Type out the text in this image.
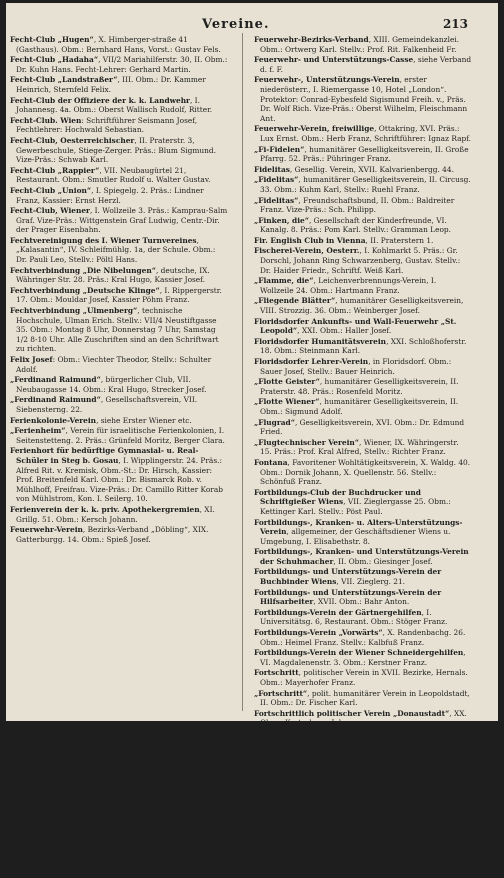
Vereine.	213
Fecht-Club „Hugen“, X. Himberger-straße 41 (Gasthaus). Obm.: Bernhard Hans, Vorst.: Gustav Fels.
Fecht-Club „Hadaha“, VII/2 Mariahilferstr. 30, II. Obm.: Dr. Kuhn Hans. Fecht-Lehrer: Gerhard Martin.
Fecht-Club „Landstraßer“, III. Obm.: Dr. Kammer Heinrich, Sternfeld Felix.
Fecht-Club der Offiziere der k. k. Landwehr, I. Johannesg. 4a. Obm.: Oberst Wallisch Rudolf, Ritter.
Fecht-Club. Wien: Schriftführer Seismann Josef, Fechtlehrer: Hochwald Sebastian.
Fecht-Club, Oesterreichischer, II. Praterstr. 3, Gewerbeschule, Stiege-Zerger. Präs.: Blum Sigmund. Vize-Präs.: Schwab Karl.
Fecht-Club „Rappier“, VII. Neubaugürtel 21, Restaurant. Obm.: Smutler Rudolf u. Walter Gustav.
Fecht-Club „Union“, I. Spiegelg. 2. Präs.: Lindner Franz, Kassier: Ernst Herzl.
Fecht-Club, Wiener, I. Wollzeile 3. Präs.: Kamprau-Salm Graf. Vize-Präs.: Wittgenstein Graf Ludwig, Centr.-Dir. der Prager Eisenbahn.
Fechtvereinigung des I. Wiener Turnvereines, „Kalasantin“, IV. Schleifmühlg. 1a, der Schule. Obm.: Dr. Pauli Leo, Stellv.: Pöltl Hans.
Fechtverbindung „Die Nibelungen“, deutsche, IX. Währinger Str. 28. Präs.: Kral Hugo, Kassier Josef.
Fechtverbindung „Deutsche Klinge“, I. Rippergerstr. 17. Obm.: Mouldar Josef, Kassier Pöhm Franz.
Fechtverbindung „Ulmenberg“, technische Hochschule, Ulman Erich. Stellv.: VII/4 Neustiftgasse 35. Obm.: Montag 8 Uhr, Donnerstag 7 Uhr, Samstag 1/2 8-10 Uhr. Alle Zuschriften sind an den Schriftwart zu richten.
Felix Josef: Obm.: Viechter Theodor, Stellv.: Schulter Adolf.
„Ferdinand Raimund“, bürgerlicher Club, VII. Neubaugasse 14. Obm.: Kral Hugo, Strecker Josef.
„Ferdinand Raimund“, Gesellschaftsverein, VII. Siebensterng. 22.
Ferienkolonie-Verein, siehe Erster Wiener etc.
„Ferienheim“, Verein für israelitische Ferienkolonien, I. Seitenstetteng. 2. Präs.: Grünfeld Moritz, Berger Clara.
Ferienhort für bedürftige Gymnasial- u. Real-Schüler in Steg b. Gosau, I. Wipplingerstr. 24. Präs.: Alfred Rit. v. Kremisk, Obm.-St.: Dr. Hirsch, Kassier: Prof. Breitenfeld Karl. Obm.: Dr. Bismarck Rob. v. Mühlhoff, Freifrau. Vize-Präs.: Dr. Camillo Ritter Korab von Mühlstrom, Kon. I. Seilerg. 10.
Ferienverein der k. k. priv. Apothekergremien, XI. Grillg. 51. Obm.: Kersch Johann.
Feuerwehr-Verein, Bezirks-Verband „Döbling“, XIX. Gatterburgg. 14. Obm.: Spieß Josef.
Feuerwehr-Bezirks-Verband, XIII. Gemeindekanzlei. Obm.: Ortwerg Karl. Stellv.: Prof. Rit. Falkenheid Fr.
Feuerwehr- und Unterstützungs-Casse, siehe Verband d. f. F.
Feuerwehr-, Unterstützungs-Verein, erster niederösterr., I. Riemergasse 10, Hotel „London“. Protektor: Conrad-Eybesfeld Sigismund Freih. v., Präs. Dr. Wolf Rich. Vize-Präs.: Oberst Wilhelm, Fleischmann Ant.
Feuerwehr-Verein, freiwillige, Ottakring, XVI. Präs.: Lux Ernst. Obm.: Herb Franz, Schriftführer: Ignaz Rapf.
„Fi-Fidelen“, humanitärer Geselligkeitsverein, II. Große Pfarrg. 52. Präs.: Pühringer Franz.
Fidelitas, Gesellig. Verein, XVII. Kalvarienbergg. 44.
„Fidelitas“, humanitärer Geselligkeitsverein, II. Circusg. 33. Obm.: Kuhm Karl, Stellv.: Ruehl Franz.
„Fidelitas“, Freundschaftsbund, II. Obm.: Baldreiter Franz. Vize-Präs.: Sch. Philipp.
„Finken, die“, Gesellschaft der Kinderfreunde, VI. Kanalg. 8. Präs.: Pom Karl. Stellv.: Gramman Leop.
Fir. English Club in Vienna, II. Praterstern 1.
Fischerei-Verein, Oesterr., I. Kohlmarkt 5. Präs.: Gr. Dorschl, Johann Ring Schwarzenberg, Gustav. Stellv.: Dr. Haider Friedr., Schriftf. Weiß Karl.
„Flamme, die“, Leichenverbrennungs-Verein, I. Wollzeile 24. Obm.: Hartmann Franz.
„Fliegende Blätter“, humanitärer Geselligkeitsverein, VIII. Strozzig. 36. Obm.: Weinberger Josef.
Floridsdorfer Ankunfts- und Wall-Feuerwehr „St. Leopold“, XXI. Obm.: Haller Josef.
Floridsdorfer Humanitätsverein, XXI. Schloßhoferstr. 18. Obm.: Steinmann Karl.
Floridsdorfer Lehrer-Verein, in Floridsdorf. Obm.: Sauer Josef, Stellv.: Bauer Heinrich.
„Flotte Geister“, humanitärer Geselligkeitsverein, II. Praterstr. 48. Präs.: Rosenfeld Moritz.
„Flotte Wiener“, humanitärer Geselligkeitsverein, II. Obm.: Sigmund Adolf.
„Flugrad“, Geselligkeitsverein, XVI. Obm.: Dr. Edmund Fried.
„Flugtechnischer Verein“, Wiener, IX. Währingerstr. 15. Präs.: Prof. Kral Alfred, Stellv.: Richter Franz.
Fontana, Favoritener Wohltätigkeitsverein, X. Waldg. 40. Obm.: Dornik Johann, X. Quellenstr. 56. Stellv.: Schönfuß Franz.
Fortbildungs-Club der Buchdrucker und Schriftgießer Wiens, VII. Zieglergasse 25. Obm.: Kettinger Karl. Stellv.: Pöst Paul.
Fortbildungs-, Kranken- u. Alters-Unterstützungs-Verein, allgemeiner, der Geschäftsdiener Wiens u. Umgebung, I. Elisabethstr. 8.
Fortbildungs-, Kranken- und Unterstützungs-Verein der Schuhmacher, II. Obm.: Giesinger Josef.
Fortbildungs- und Unterstützungs-Verein der Buchbinder Wiens, VII. Zieglerg. 21.
Fortbildungs- und Unterstützungs-Verein der Hilfsarbeiter, XVII. Obm.: Bahr Anton.
Fortbildungs-Verein der Gärtnergehilfen, I. Universitätsg. 6, Restaurant. Obm.: Stöger Franz.
Fortbildungs-Verein „Vorwärts“, X. Randenbachg. 26. Obm.: Heimel Franz. Stellv.: Kalbfuß Franz.
Fortbildungs-Verein der Wiener Schneidergehilfen, VI. Magdalenenstr. 3. Obm.: Kerstner Franz.
Fortschritt, politischer Verein in XVII. Bezirke, Hernals. Obm.: Mayerhofer Franz.
„Fortschritt“, polit. humanitärer Verein in Leopoldstadt, II. Obm.: Dr. Fischer Karl.
Fortschrittlich politischer Verein „Donaustadt“, XX. Obm.: Kretschmer Johann.
Fortschrittlicher Bürger-Verein in XV. Gemeindebezirk, XV. Obm.: Schneider Karl. Stellv.: Bittermann Johann.
Fortschrittlicher Reformverein, I. Obm.: Dr. Milanich Alois. Stellv.: Hoffmann Josef.
Fortschrittlicher Verein, XII. Meidling. Obm.: Schrack Karl. Stellv.: Kraus Franz.
Fortschrittlicher Wählerverein, I. XIV. Obm.: Dr. Förster Karl, Gemeinderat.
Fortschritts- Club und Mitgliedern der Wiener Unterstützungs-Vereines des kaufmännischen Personals, I. Wipplingerstr. 8, Gasthaus.
Fortschritts-Verein der Lohnkutscher und Wagenbesitzer Wiens und Umgebung, I. Obm.: Bruckmann Leopold, Stellv.: Häufler Anton.
